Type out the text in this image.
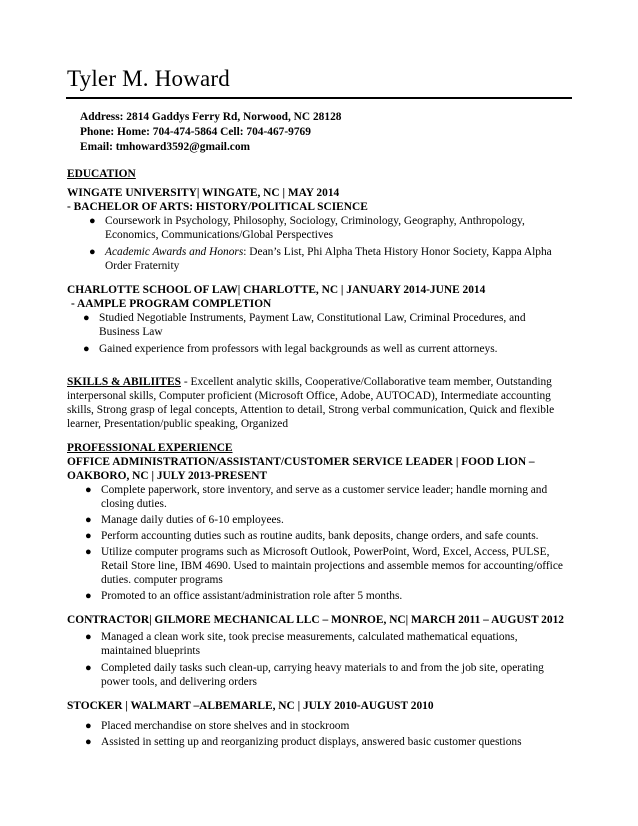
Tyler M. Howard
Address: 2814 Gaddys Ferry Rd, Norwood, NC 28128
Phone: Home: 704-474-5864 Cell: 704-467-9769
Email: tmhoward3592@gmail.com
EDUCATION
WINGATE UNIVERSITY| WINGATE, NC | MAY 2014
- BACHELOR OF ARTS: HISTORY/POLITICAL SCIENCE
● Coursework in Psychology, Philosophy, Sociology, Criminology, Geography, Anthropology,
Economics, Communications/Global Perspectives
● Academic Awards and Honors: Dean’s List, Phi Alpha Theta History Honor Society, Kappa Alpha
Order Fraternity
CHARLOTTE SCHOOL OF LAW| CHARLOTTE, NC | JANUARY 2014-JUNE 2014
- AAMPLE PROGRAM COMPLETION
● Studied Negotiable Instruments, Payment Law, Constitutional Law, Criminal Procedures, and
Business Law
● Gained experience from professors with legal backgrounds as well as current attorneys.
SKILLS & ABILIITES - Excellent analytic skills, Cooperative/Collaborative team member, Outstanding
interpersonal skills, Computer proficient (Microsoft Office, Adobe, AUTOCAD), Intermediate accounting
skills, Strong grasp of legal concepts, Attention to detail, Strong verbal communication, Quick and flexible
learner, Presentation/public speaking, Organized
PROFESSIONAL EXPERIENCE
OFFICE ADMINISTRATION/ASSISTANT/CUSTOMER SERVICE LEADER | FOOD LION –
OAKBORO, NC | JULY 2013-PRESENT
● Complete paperwork, store inventory, and serve as a customer service leader; handle morning and
closing duties.
● Manage daily duties of 6-10 employees.
● Perform accounting duties such as routine audits, bank deposits, change orders, and safe counts.
● Utilize computer programs such as Microsoft Outlook, PowerPoint, Word, Excel, Access, PULSE,
Retail Store line, IBM 4690. Used to maintain projections and assemble memos for accounting/office
duties. computer programs
● Promoted to an office assistant/administration role after 5 months.
CONTRACTOR| GILMORE MECHANICAL LLC – MONROE, NC| MARCH 2011 – AUGUST 2012
● Managed a clean work site, took precise measurements, calculated mathematical equations,
maintained blueprints
● Completed daily tasks such clean-up, carrying heavy materials to and from the job site, operating
power tools, and delivering orders
STOCKER | WALMART –ALBEMARLE, NC | JULY 2010-AUGUST 2010
● Placed merchandise on store shelves and in stockroom
● Assisted in setting up and reorganizing product displays, answered basic customer questions
